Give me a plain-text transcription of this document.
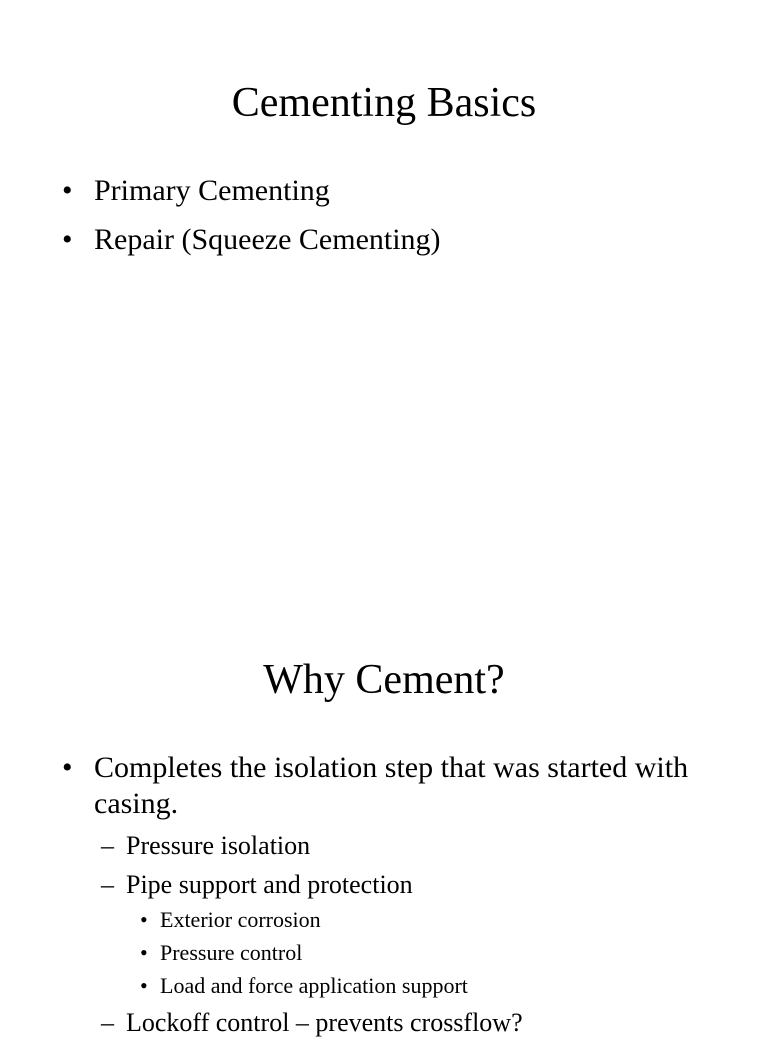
Cementing Basics
• Primary Cementing
• Repair (Squeeze Cementing)
Why Cement?
• Completes the isolation step that was started with casing.
– Pressure isolation
– Pipe support and protection
• Exterior corrosion
• Pressure control
• Load and force application support
– Lockoff control – prevents crossflow?
